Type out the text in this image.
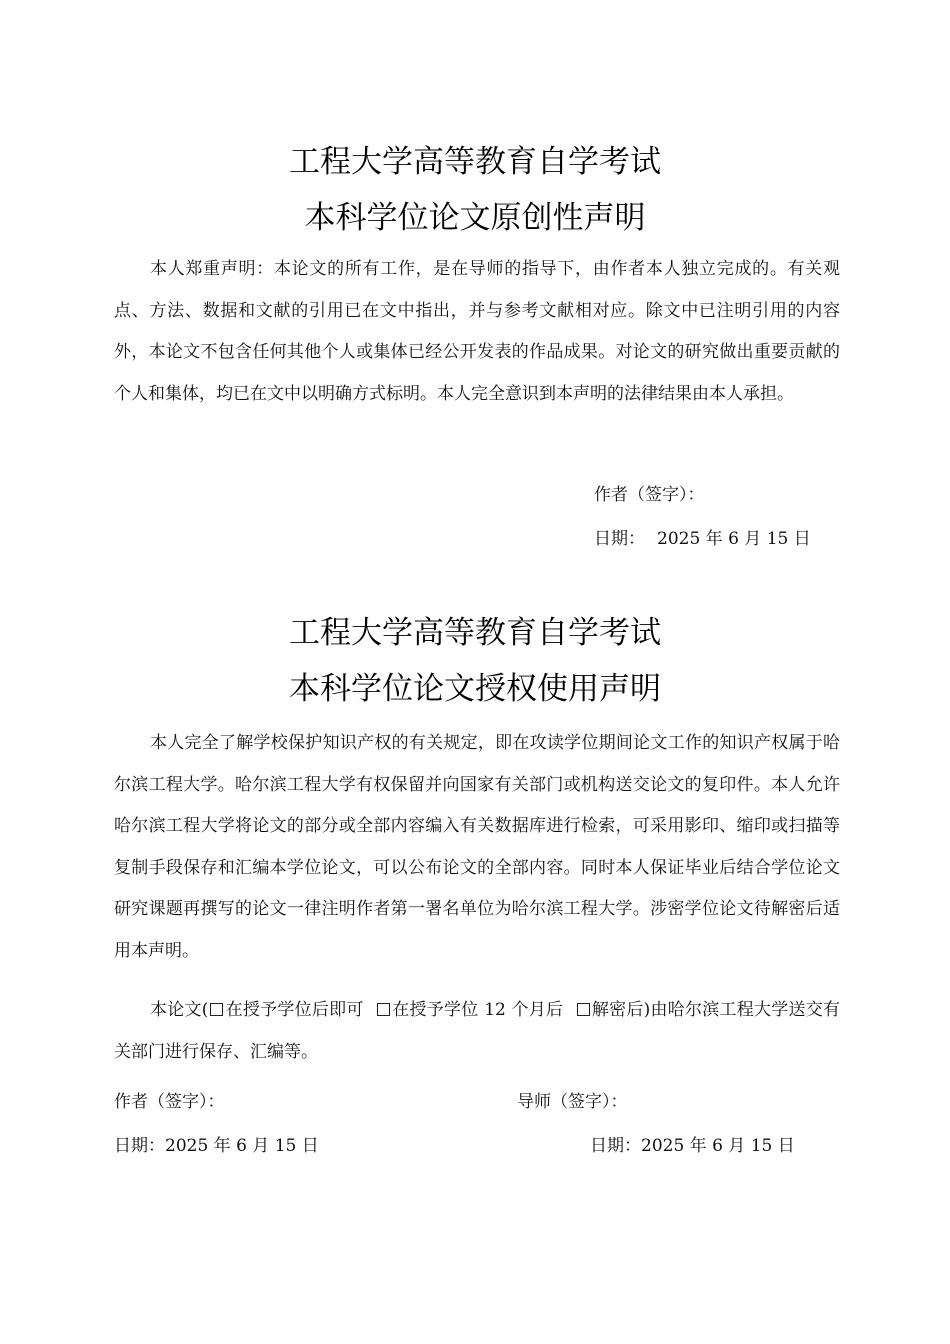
工程大学高等教育自学考试
本科学位论文原创性声明
本人郑重声明：本论文的所有工作，是在导师的指导下，由作者本人独立完成的。有关观点、方法、数据和文献的引用已在文中指出，并与参考文献相对应。除文中已注明引用的内容外，本论文不包含任何其他个人或集体已经公开发表的作品成果。对论文的研究做出重要贡献的个人和集体，均已在文中以明确方式标明。本人完全意识到本声明的法律结果由本人承担。
作者（签字）：
日期： 2025 年 6 月 15 日
工程大学高等教育自学考试
本科学位论文授权使用声明
本人完全了解学校保护知识产权的有关规定，即在攻读学位期间论文工作的知识产权属于哈尔滨工程大学。哈尔滨工程大学有权保留并向国家有关部门或机构送交论文的复印件。本人允许哈尔滨工程大学将论文的部分或全部内容编入有关数据库进行检索，可采用影印、缩印或扫描等复制手段保存和汇编本学位论文，可以公布论文的全部内容。同时本人保证毕业后结合学位论文研究课题再撰写的论文一律注明作者第一署名单位为哈尔滨工程大学。涉密学位论文待解密后适用本声明。
本论文( 在授予学位后即可 在授予学位 12 个月后 解密后)由哈尔滨工程大学送交有关部门进行保存、汇编等。
作者（签字）：	导师（签字）：
日期：2025 年 6 月 15 日	日期：2025 年 6 月 15 日
